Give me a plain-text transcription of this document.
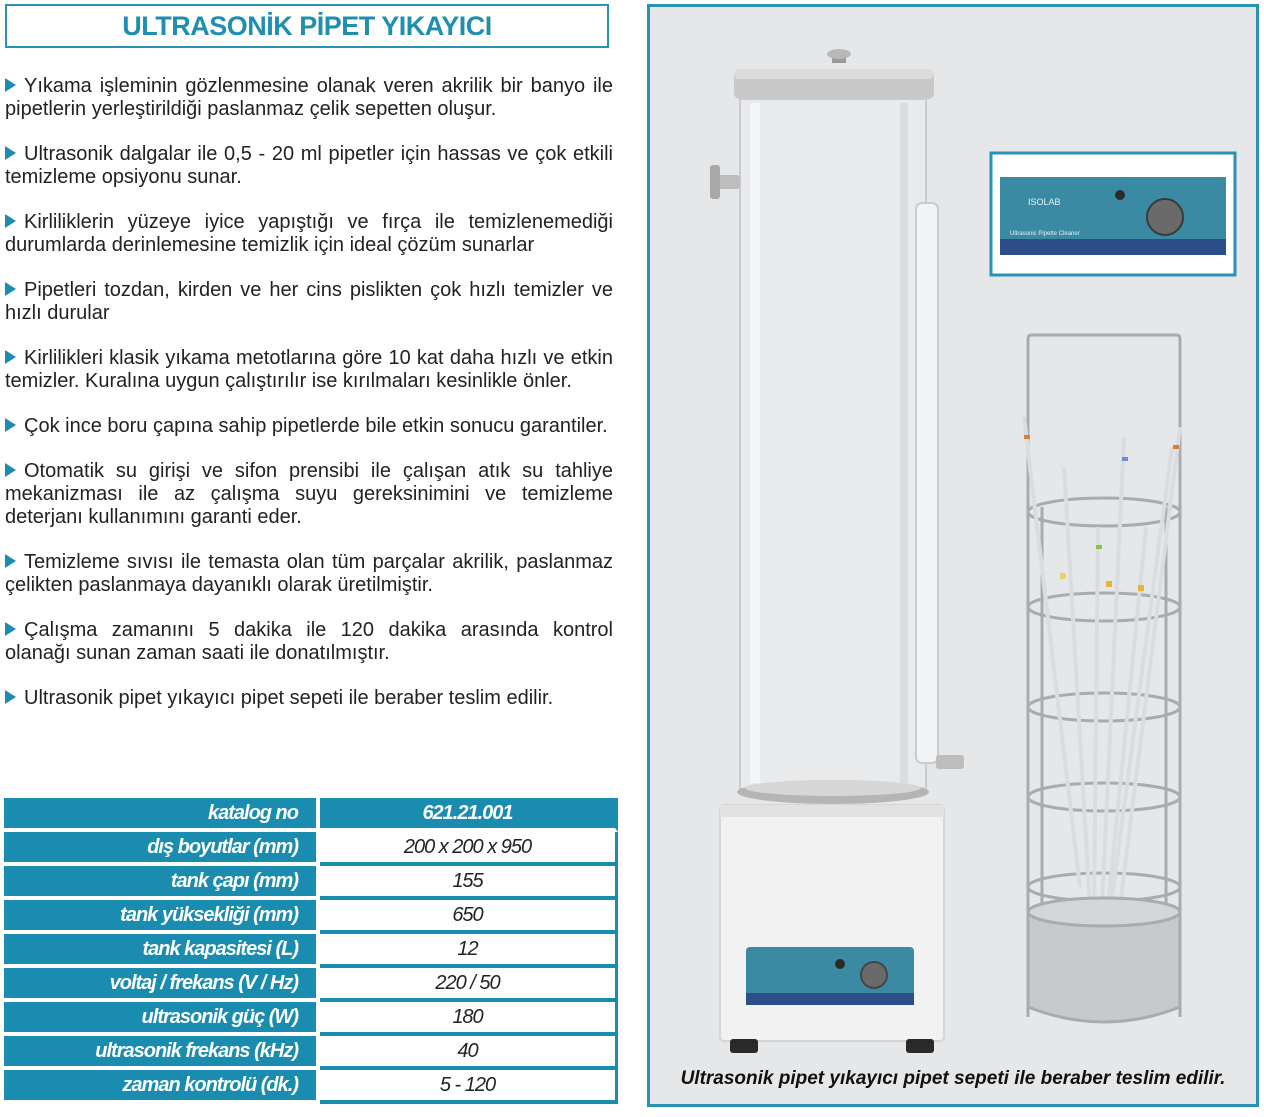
ULTRASONİK PİPET YIKAYICI

Yıkama işleminin gözlenmesine olanak veren akrilik bir banyo ile pipetlerin yerleştirildiği paslanmaz çelik sepetten oluşur.

Ultrasonik dalgalar ile 0,5 - 20 ml pipetler için hassas ve çok etkili temizleme opsiyonu sunar.

Kirliliklerin yüzeye iyice yapıştığı ve fırça ile temizlenemediği durumlarda derinlemesine temizlik için ideal çözüm sunarlar

Pipetleri tozdan, kirden ve her cins pislikten çok hızlı temizler ve hızlı durular

Kirlilikleri klasik yıkama metotlarına göre 10 kat daha hızlı ve etkin temizler. Kuralına uygun çalıştırılır ise kırılmaları kesinlikle önler.

Çok ince boru çapına sahip pipetlerde bile etkin sonucu garantiler.

Otomatik su girişi ve sifon prensibi ile çalışan atık su tahliye mekanizması ile az çalışma suyu gereksinimini ve temizleme deterjanı kullanımını garanti eder.

Temizleme sıvısı ile temasta olan tüm parçalar akrilik, paslanmaz çelikten paslanmaya dayanıklı olarak üretilmiştir.

Çalışma zamanını 5 dakika ile 120 dakika arasında kontrol olanağı sunan zaman saati ile donatılmıştır.

Ultrasonik pipet yıkayıcı pipet sepeti ile beraber teslim edilir.

katalog no	621.21.001
dış boyutlar (mm)	200 x 200 x 950
tank çapı (mm)	155
tank yüksekliği (mm)	650
tank kapasitesi (L)	12
voltaj / frekans (V / Hz)	220 / 50
ultrasonik güç (W)	180
ultrasonik frekans (kHz)	40
zaman kontrolü (dk.)	5 - 120
ISOLAB
Ultrasonic Pipette Cleaner
Ultrasonik pipet yıkayıcı pipet sepeti ile beraber teslim edilir.
